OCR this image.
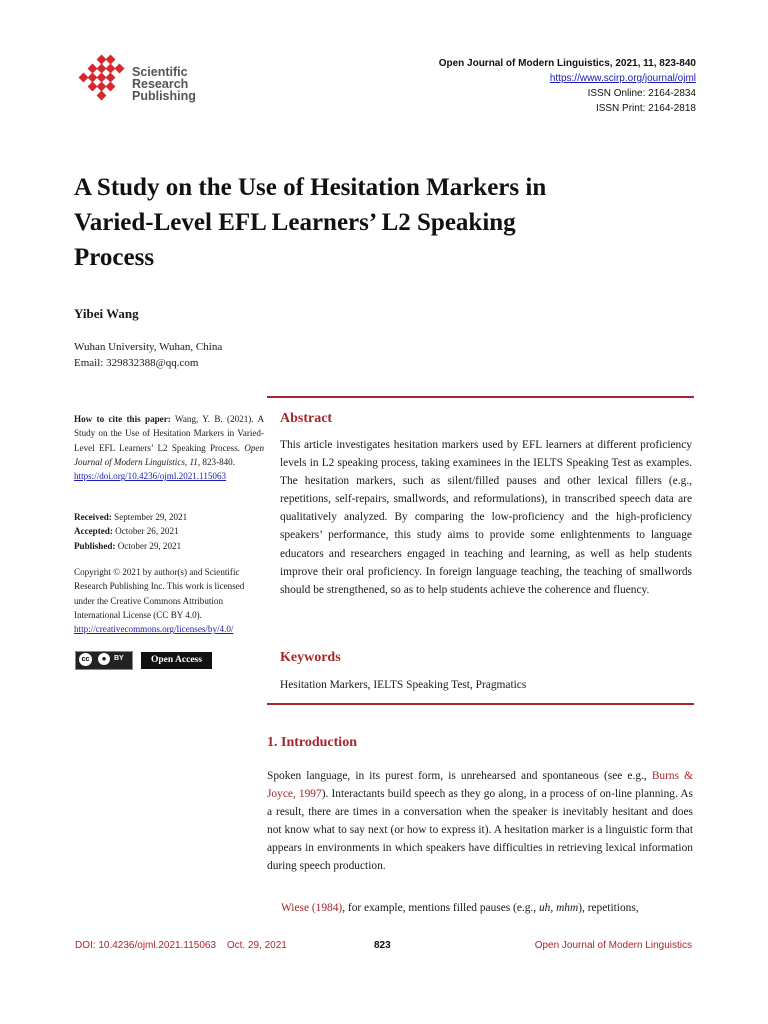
Scientific
Research
Publishing
Open Journal of Modern Linguistics, 2021, 11, 823-840
https://www.scirp.org/journal/ojml
ISSN Online: 2164-2834
ISSN Print: 2164-2818
A Study on the Use of Hesitation Markers in
Varied-Level EFL Learners’ L2 Speaking
Process
Yibei Wang
Wuhan University, Wuhan, China
Email: 329832388@qq.com
How to cite this paper: Wang, Y. B. (2021). A Study on the Use of Hesitation Markers in Varied-Level EFL Learners’ L2 Speaking Process. Open Journal of Modern Linguistics, 11, 823-840.
https://doi.org/10.4236/ojml.2021.115063
Received: September 29, 2021
Accepted: October 26, 2021
Published: October 29, 2021
Copyright © 2021 by author(s) and Scientific Research Publishing Inc. This work is licensed under the Creative Commons Attribution International License (CC BY 4.0).
http://creativecommons.org/licenses/by/4.0/
cc	●	BY	Open Access
Abstract
This article investigates hesitation markers used by EFL learners at different proficiency levels in L2 speaking process, taking examinees in the IELTS Speaking Test as examples. The hesitation markers, such as silent/filled pauses and other lexical fillers (e.g., repetitions, self-repairs, smallwords, and reformulations), in transcribed speech data are qualitatively analyzed. By comparing the low-proficiency and the high-proficiency speakers’ performance, this study aims to provide some enlightenments to language educators and researchers engaged in teaching and learning, as well as help students improve their oral proficiency. In foreign language teaching, the teaching of smallwords should be strengthened, so as to help students achieve the coherence and fluency.
Keywords
Hesitation Markers, IELTS Speaking Test, Pragmatics
1. Introduction
Spoken language, in its purest form, is unrehearsed and spontaneous (see e.g., Burns & Joyce, 1997). Interactants build speech as they go along, in a process of on-line planning. As a result, there are times in a conversation when the speaker is inevitably hesitant and does not know what to say next (or how to express it). A hesitation marker is a linguistic form that appears in environments in which speakers have difficulties in retrieving lexical information during speech production.
Wiese (1984), for example, mentions filled pauses (e.g., uh, mhm), repetitions,
DOI: 10.4236/ojml.2021.115063 Oct. 29, 2021	823	Open Journal of Modern Linguistics
